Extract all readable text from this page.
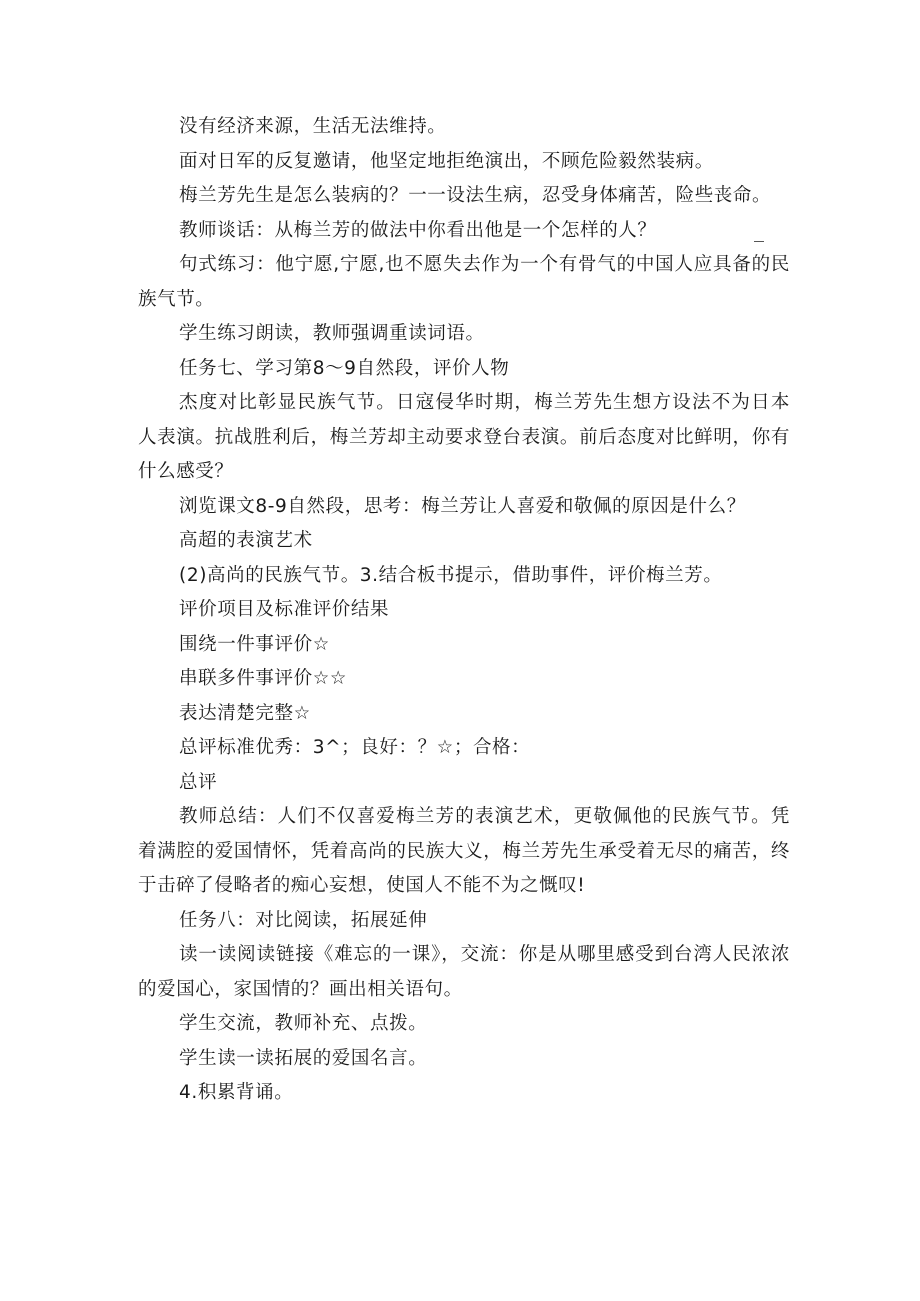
没有经济来源，生活无法维持。

面对日军的反复邀请，他坚定地拒绝演出，不顾危险毅然装病。

梅兰芳先生是怎么装病的？一一设法生病，忍受身体痛苦，险些丧命。

教师谈话：从梅兰芳的做法中你看出他是一个怎样的人？

句式练习：他宁愿,宁愿,也不愿失去作为一个有骨气的中国人应具备的民族气节。

学生练习朗读，教师强调重读词语。

任务七、学习第8〜9自然段，评价人物

杰度对比彰显民族气节。日寇侵华时期，梅兰芳先生想方设法不为日本人表演。抗战胜利后，梅兰芳却主动要求登台表演。前后态度对比鲜明，你有什么感受？

浏览课文8-9自然段，思考：梅兰芳让人喜爱和敬佩的原因是什么？

高超的表演艺术

(2)高尚的民族气节。3.结合板书提示，借助事件，评价梅兰芳。

评价项目及标准评价结果

围绕一件事评价☆

串联多件事评价☆☆

表达清楚完整☆

总评标准优秀：3^；良好：？☆；合格：

总评

教师总结：人们不仅喜爱梅兰芳的表演艺术，更敬佩他的民族气节。凭着满腔的爱国情怀，凭着高尚的民族大义，梅兰芳先生承受着无尽的痛苦，终于击碎了侵略者的痴心妄想，使国人不能不为之慨叹!

任务八：对比阅读，拓展延伸

读一读阅读链接《难忘的一课》，交流：你是从哪里感受到台湾人民浓浓的爱国心，家国情的？画出相关语句。

学生交流，教师补充、点拨。

学生读一读拓展的爱国名言。

4.积累背诵。
